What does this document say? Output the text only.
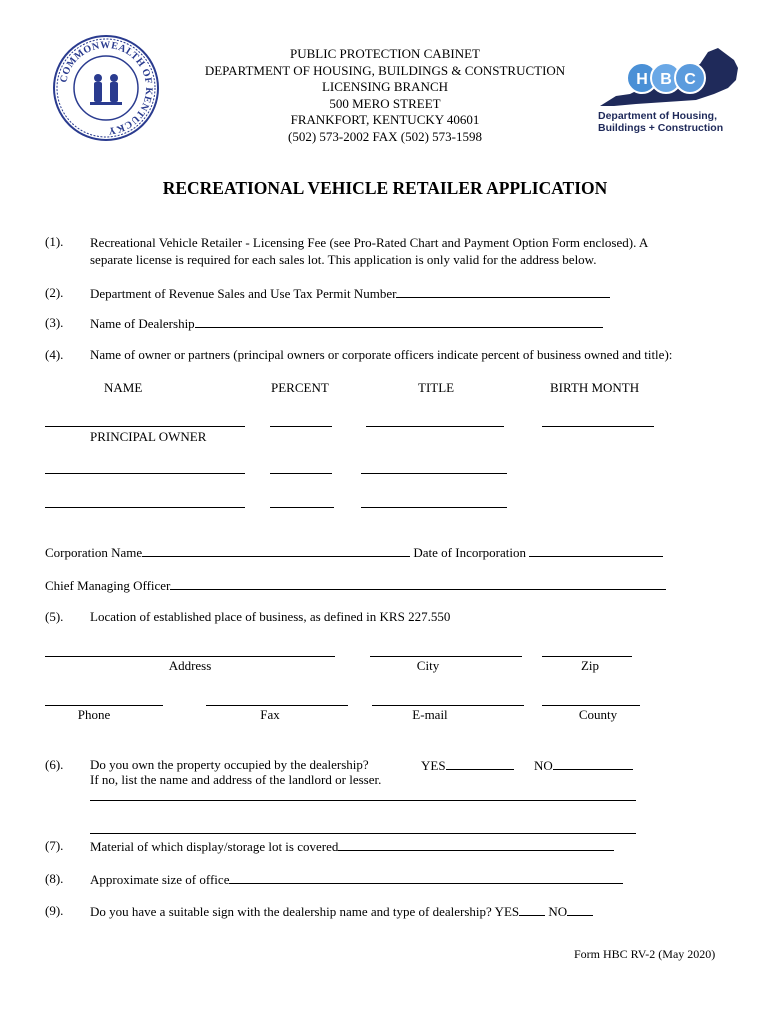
COMMONWEALTH OF KENTUCKY
PUBLIC PROTECTION CABINET
DEPARTMENT OF HOUSING, BUILDINGS & CONSTRUCTION
LICENSING BRANCH
500 MERO STREET
FRANKFORT, KENTUCKY 40601
(502) 573-2002 FAX (502) 573-1598
H B C
Department of Housing,
Buildings + Construction
RECREATIONAL VEHICLE RETAILER APPLICATION
(1). Recreational Vehicle Retailer - Licensing Fee (see Pro-Rated Chart and Payment Option Form enclosed). A
separate license is required for each sales lot. This application is only valid for the address below.
(2). Department of Revenue Sales and Use Tax Permit Number
(3). Name of Dealership
(4). Name of owner or partners (principal owners or corporate officers indicate percent of business owned and title):
NAME	PERCENT	TITLE	BIRTH MONTH
PRINCIPAL OWNER
Corporation Name	Date of Incorporation
Chief Managing Officer
(5). Location of established place of business, as defined in KRS 227.550
Address	City	Zip
Phone	Fax	E-mail	County
(6). Do you own the property occupied by the dealership?	YES	NO
If no, list the name and address of the landlord or lesser.
(7). Material of which display/storage lot is covered
(8). Approximate size of office
(9). Do you have a suitable sign with the dealership name and type of dealership? YES NO
Form HBC RV-2 (May 2020)
